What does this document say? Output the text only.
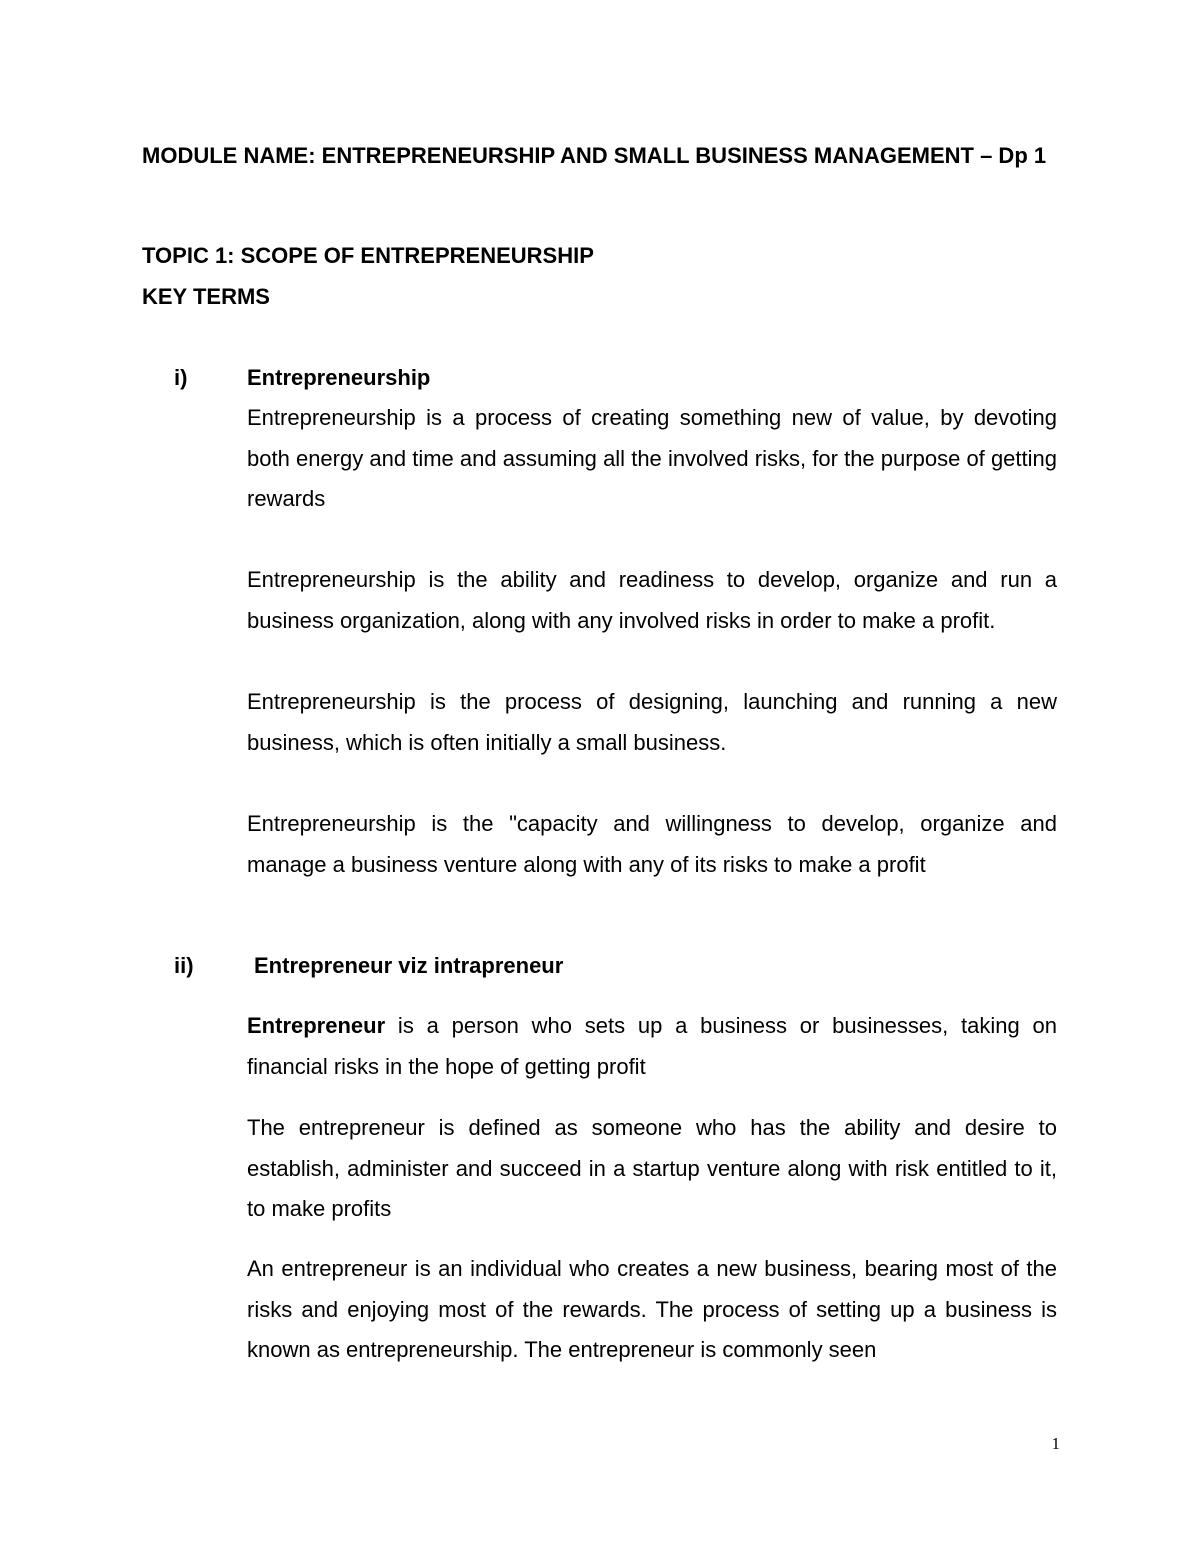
MODULE NAME: ENTREPRENEURSHIP AND SMALL BUSINESS MANAGEMENT – Dp 1

TOPIC 1: SCOPE OF ENTREPRENEURSHIP

KEY TERMS

i)	Entrepreneurship

Entrepreneurship is a process of creating something new of value, by devoting both energy and time and assuming all the involved risks, for the purpose of getting rewards

Entrepreneurship is the ability and readiness to develop, organize and run a business organization, along with any involved risks in order to make a profit.

Entrepreneurship is the process of designing, launching and running a new business, which is often initially a small business.

Entrepreneurship is the "capacity and willingness to develop, organize and manage a business venture along with any of its risks to make a profit

ii)	Entrepreneur viz intrapreneur

Entrepreneur is a person who sets up a business or businesses, taking on financial risks in the hope of getting profit

The entrepreneur is defined as someone who has the ability and desire to establish, administer and succeed in a startup venture along with risk entitled to it, to make profits

An entrepreneur is an individual who creates a new business, bearing most of the risks and enjoying most of the rewards. The process of setting up a business is known as entrepreneurship. The entrepreneur is commonly seen

1
